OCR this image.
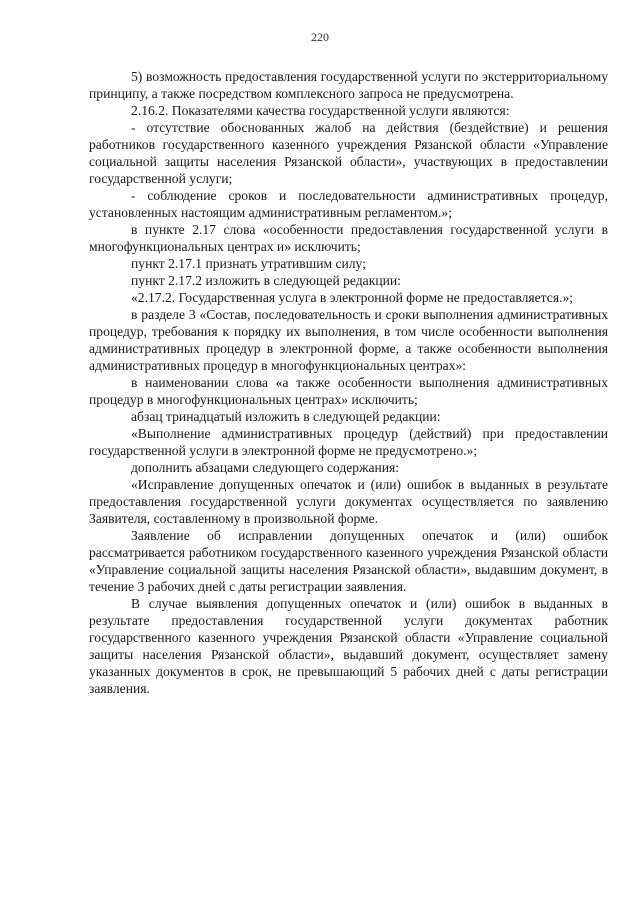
220

5) возможность предоставления государственной услуги по экстерриториальному принципу, а также посредством комплексного запроса не предусмотрена.

2.16.2. Показателями качества государственной услуги являются:

- отсутствие обоснованных жалоб на действия (бездействие) и решения работников государственного казенного учреждения Рязанской области «Управление социальной защиты населения Рязанской области», участвующих в предоставлении государственной услуги;

- соблюдение сроков и последовательности административных процедур, установленных настоящим административным регламентом.»;

в пункте 2.17 слова «особенности предоставления государственной услуги в многофункциональных центрах и» исключить;

пункт 2.17.1 признать утратившим силу;

пункт 2.17.2 изложить в следующей редакции:

«2.17.2. Государственная услуга в электронной форме не предоставляется.»;

в разделе 3 «Состав, последовательность и сроки выполнения административных процедур, требования к порядку их выполнения, в том числе особенности выполнения административных процедур в электронной форме, а также особенности выполнения административных процедур в многофункциональных центрах»:

в наименовании слова «а также особенности выполнения административных процедур в многофункциональных центрах» исключить;

абзац тринадцатый изложить в следующей редакции:

«Выполнение административных процедур (действий) при предоставлении государственной услуги в электронной форме не предусмотрено.»;

дополнить абзацами следующего содержания:

«Исправление допущенных опечаток и (или) ошибок в выданных в результате предоставления государственной услуги документах осуществляется по заявлению Заявителя, составленному в произвольной форме.

Заявление об исправлении допущенных опечаток и (или) ошибок рассматривается работником государственного казенного учреждения Рязанской области «Управление социальной защиты населения Рязанской области», выдавшим документ, в течение 3 рабочих дней с даты регистрации заявления.

В случае выявления допущенных опечаток и (или) ошибок в выданных в результате предоставления государственной услуги документах работник государственного казенного учреждения Рязанской области «Управление социальной защиты населения Рязанской области», выдавший документ, осуществляет замену указанных документов в срок, не превышающий 5 рабочих дней с даты регистрации заявления.
